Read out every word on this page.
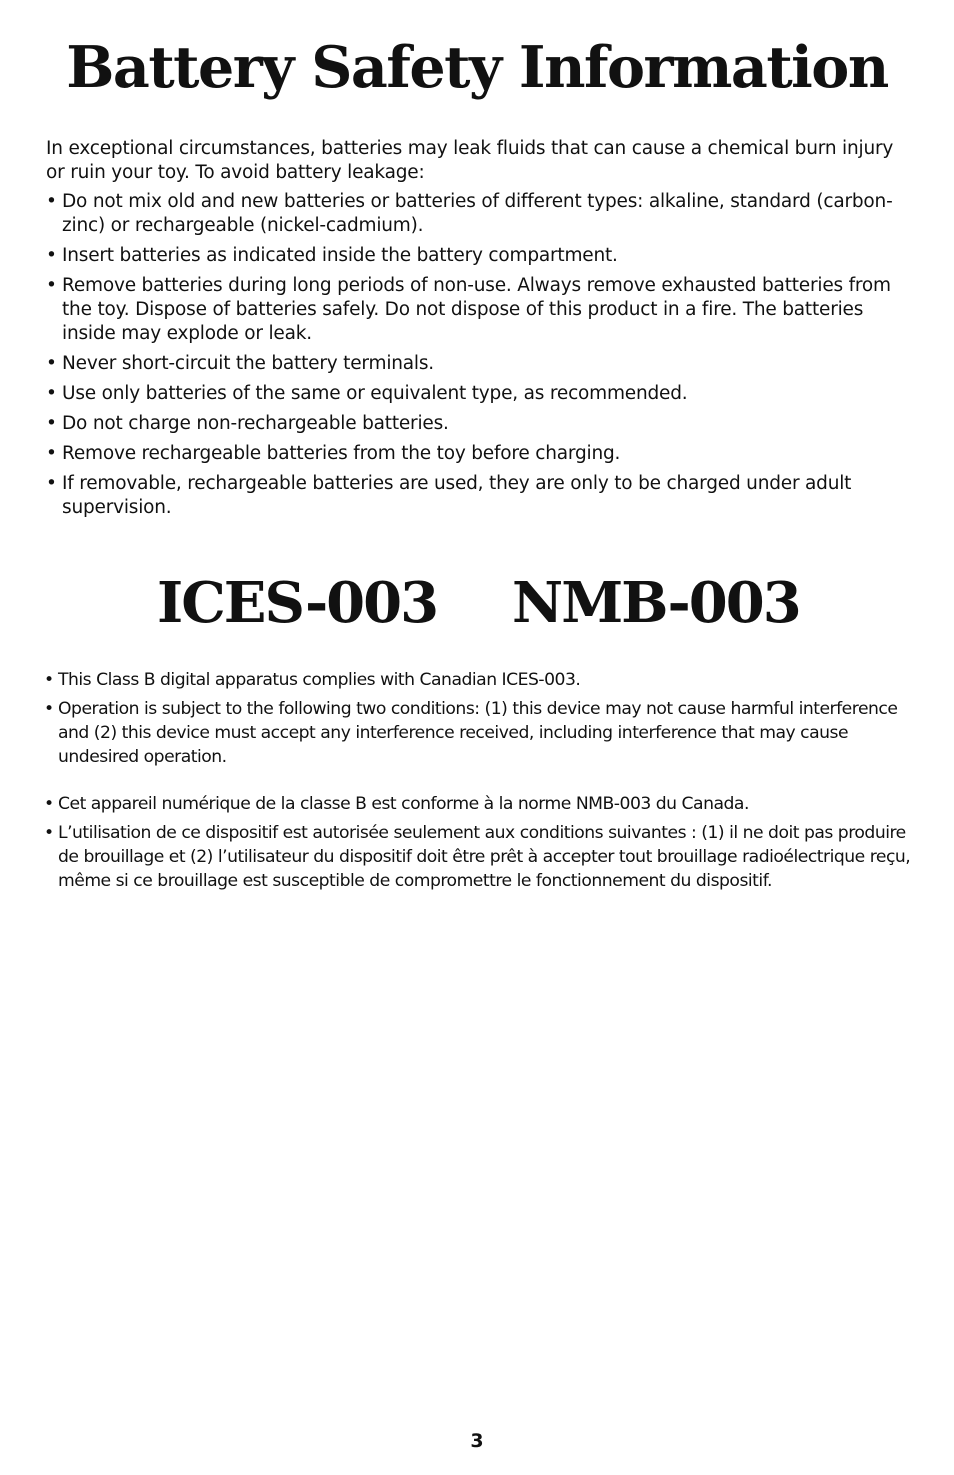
Battery Safety Information

In exceptional circumstances, batteries may leak fluids that can cause a chemical burn injury or ruin your toy. To avoid battery leakage:

• Do not mix old and new batteries or batteries of different types: alkaline, standard (carbon-zinc) or rechargeable (nickel-cadmium).
• Insert batteries as indicated inside the battery compartment.
• Remove batteries during long periods of non-use. Always remove exhausted batteries from the toy. Dispose of batteries safely. Do not dispose of this product in a fire. The batteries inside may explode or leak.
• Never short-circuit the battery terminals.
• Use only batteries of the same or equivalent type, as recommended.
• Do not charge non-rechargeable batteries.
• Remove rechargeable batteries from the toy before charging.
• If removable, rechargeable batteries are used, they are only to be charged under adult supervision.
ICES-003 NMB-003
• This Class B digital apparatus complies with Canadian ICES-003.
• Operation is subject to the following two conditions: (1) this device may not cause harmful interference and (2) this device must accept any interference received, including interference that may cause undesired operation.
• Cet appareil numérique de la classe B est conforme à la norme NMB-003 du Canada.
• L’utilisation de ce dispositif est autorisée seulement aux conditions suivantes : (1) il ne doit pas produire de brouillage et (2) l’utilisateur du dispositif doit être prêt à accepter tout brouillage radioélectrique reçu, même si ce brouillage est susceptible de compromettre le fonctionnement du dispositif.
3
